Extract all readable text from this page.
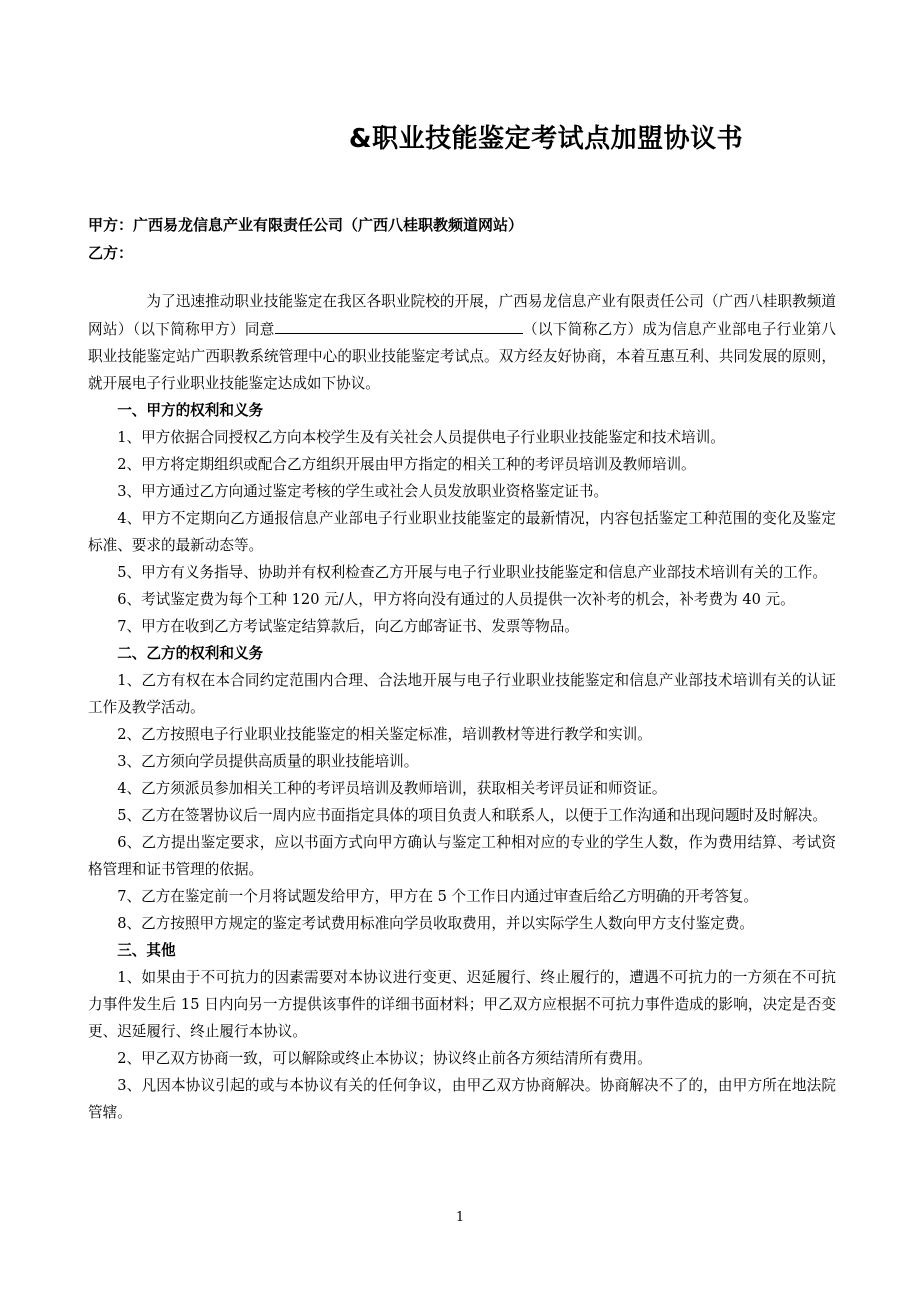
&职业技能鉴定考试点加盟协议书
甲方：广西易龙信息产业有限责任公司（广西八桂职教频道网站）
乙方：

为了迅速推动职业技能鉴定在我区各职业院校的开展，广西易龙信息产业有限责任公司（广西八桂职教频道网站）（以下简称甲方）同意	（以下简称乙方）成为信息产业部电子行业第八职业技能鉴定站广西职教系统管理中心的职业技能鉴定考试点。双方经友好协商，本着互惠互利、共同发展的原则，就开展电子行业职业技能鉴定达成如下协议。

一、甲方的权利和义务

1、甲方依据合同授权乙方向本校学生及有关社会人员提供电子行业职业技能鉴定和技术培训。

2、甲方将定期组织或配合乙方组织开展由甲方指定的相关工种的考评员培训及教师培训。

3、甲方通过乙方向通过鉴定考核的学生或社会人员发放职业资格鉴定证书。

4、甲方不定期向乙方通报信息产业部电子行业职业技能鉴定的最新情况，内容包括鉴定工种范围的变化及鉴定标准、要求的最新动态等。

5、甲方有义务指导、协助并有权利检查乙方开展与电子行业职业技能鉴定和信息产业部技术培训有关的工作。

6、考试鉴定费为每个工种 120 元/人，甲方将向没有通过的人员提供一次补考的机会，补考费为 40 元。

7、甲方在收到乙方考试鉴定结算款后，向乙方邮寄证书、发票等物品。

二、乙方的权利和义务

1、乙方有权在本合同约定范围内合理、合法地开展与电子行业职业技能鉴定和信息产业部技术培训有关的认证工作及教学活动。

2、乙方按照电子行业职业技能鉴定的相关鉴定标准，培训教材等进行教学和实训。

3、乙方须向学员提供高质量的职业技能培训。

4、乙方须派员参加相关工种的考评员培训及教师培训，获取相关考评员证和师资证。

5、乙方在签署协议后一周内应书面指定具体的项目负责人和联系人，以便于工作沟通和出现问题时及时解决。

6、乙方提出鉴定要求，应以书面方式向甲方确认与鉴定工种相对应的专业的学生人数，作为费用结算、考试资格管理和证书管理的依据。

7、乙方在鉴定前一个月将试题发给甲方，甲方在 5 个工作日内通过审查后给乙方明确的开考答复。

8、乙方按照甲方规定的鉴定考试费用标准向学员收取费用，并以实际学生人数向甲方支付鉴定费。

三、其他

1、如果由于不可抗力的因素需要对本协议进行变更、迟延履行、终止履行的，遭遇不可抗力的一方须在不可抗力事件发生后 15 日内向另一方提供该事件的详细书面材料；甲乙双方应根据不可抗力事件造成的影响，决定是否变更、迟延履行、终止履行本协议。

2、甲乙双方协商一致，可以解除或终止本协议；协议终止前各方须结清所有费用。

3、凡因本协议引起的或与本协议有关的任何争议，由甲乙双方协商解决。协商解决不了的，由甲方所在地法院管辖。

1
